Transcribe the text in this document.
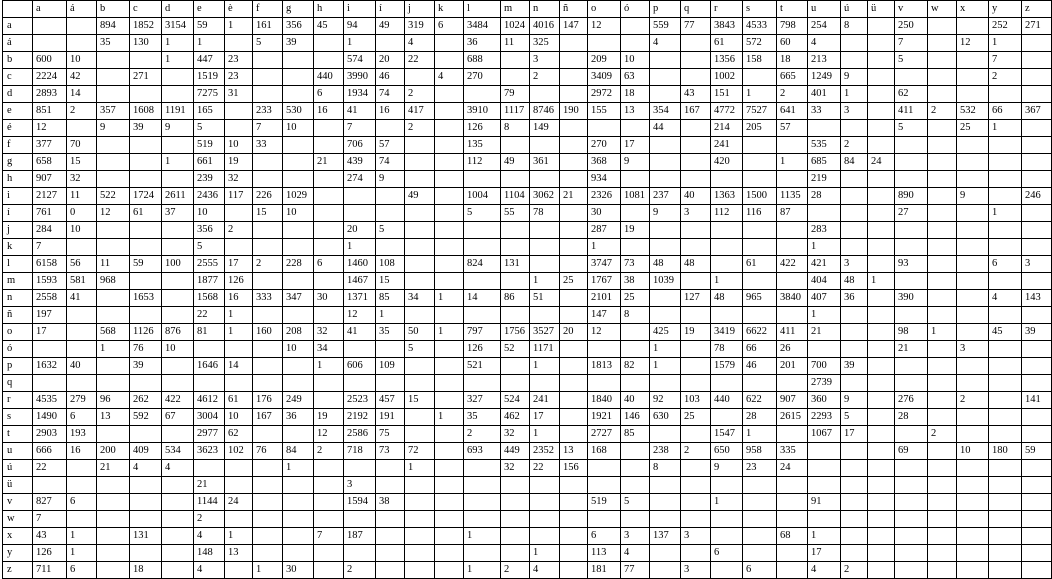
	a	á	b	c	d	e	è	f	g	h	i	í	j	k	l	m	n	ñ	o	ó	p	q	r	s	t	u	ú	ü	v	w	x	y	z
a			894	1852	3154	59	1	161	356	45	94	49	319	6	3484	1024	4016	147	12		559	77	3843	4533	798	254	8		250			252	271
á			35	130	1	1		5	39		1		4		36	11	325				4		61	572	60	4			7		12	1	
b	600	10			1	447	23				574	20	22		688		3		209	10			1356	158	18	213			5			7	
c	2224	42		271		1519	23			440	3990	46		4	270		2		3409	63			1002		665	1249	9					2	
d	2893	14				7275	31			6	1934	74	2			79			2972	18		43	151	1	2	401	1		62				
e	851	2	357	1608	1191	165		233	530	16	41	16	417		3910	1117	8746	190	155	13	354	167	4772	7527	641	33	3		411	2	532	66	367
é	12		9	39	9	5		7	10		7		2		126	8	149				44		214	205	57				5		25	1	
f	377	70				519	10	33			706	57			135				270	17			241			535	2						
g	658	15			1	661	19			21	439	74			112	49	361		368	9			420		1	685	84	24					
h	907	32				239	32				274	9							934							219							
i	2127	11	522	1724	2611	2436	117	226	1029				49		1004	1104	3062	21	2326	1081	237	40	1363	1500	1135	28			890		9		246
í	761	0	12	61	37	10		15	10						5	55	78		30		9	3	112	116	87				27			1	
j	284	10				356	2				20	5							287	19						283							
k	7					5					1								1							1							
l	6158	56	11	59	100	2555	17	2	228	6	1460	108			824	131			3747	73	48	48		61	422	421	3		93			6	3
m	1593	581	968			1877	126				1467	15					1	25	1767	38	1039		1			404	48	1					
n	2558	41		1653		1568	16	333	347	30	1371	85	34	1	14	86	51		2101	25		127	48	965	3840	407	36		390			4	143
ñ	197					22	1				12	1							147	8						1							
o	17		568	1126	876	81	1	160	208	32	41	35	50	1	797	1756	3527	20	12		425	19	3419	6622	411	21			98	1		45	39
ó			1	76	10				10	34			5		126	52	1171				1		78	66	26				21		3		
p	1632	40		39		1646	14			1	606	109			521		1		1813	82	1		1579	46	201	700	39						
q																										2739							
r	4535	279	96	262	422	4612	61	176	249		2523	457	15		327	524	241		1840	40	92	103	440	622	907	360	9		276		2		141
s	1490	6	13	592	67	3004	10	167	36	19	2192	191		1	35	462	17		1921	146	630	25		28	2615	2293	5		28				
t	2903	193				2977	62			12	2586	75			2	32	1		2727	85			1547	1		1067	17			2			
u	666	16	200	409	534	3623	102	76	84	2	718	73	72		693	449	2352	13	168		238	2	650	958	335				69		10	180	59
ú	22		21	4	4				1				1			32	22	156			8		9	23	24								
ü						21					3																						
v	827	6				1144	24				1594	38							519	5			1			91							
w	7					2																											
x	43	1		131		4	1			7	187				1				6	3	137	3			68	1							
y	126	1				148	13										1		113	4			6			17							
z	711	6		18		4		1	30		2				1	2	4		181	77		3		6		4	2						
